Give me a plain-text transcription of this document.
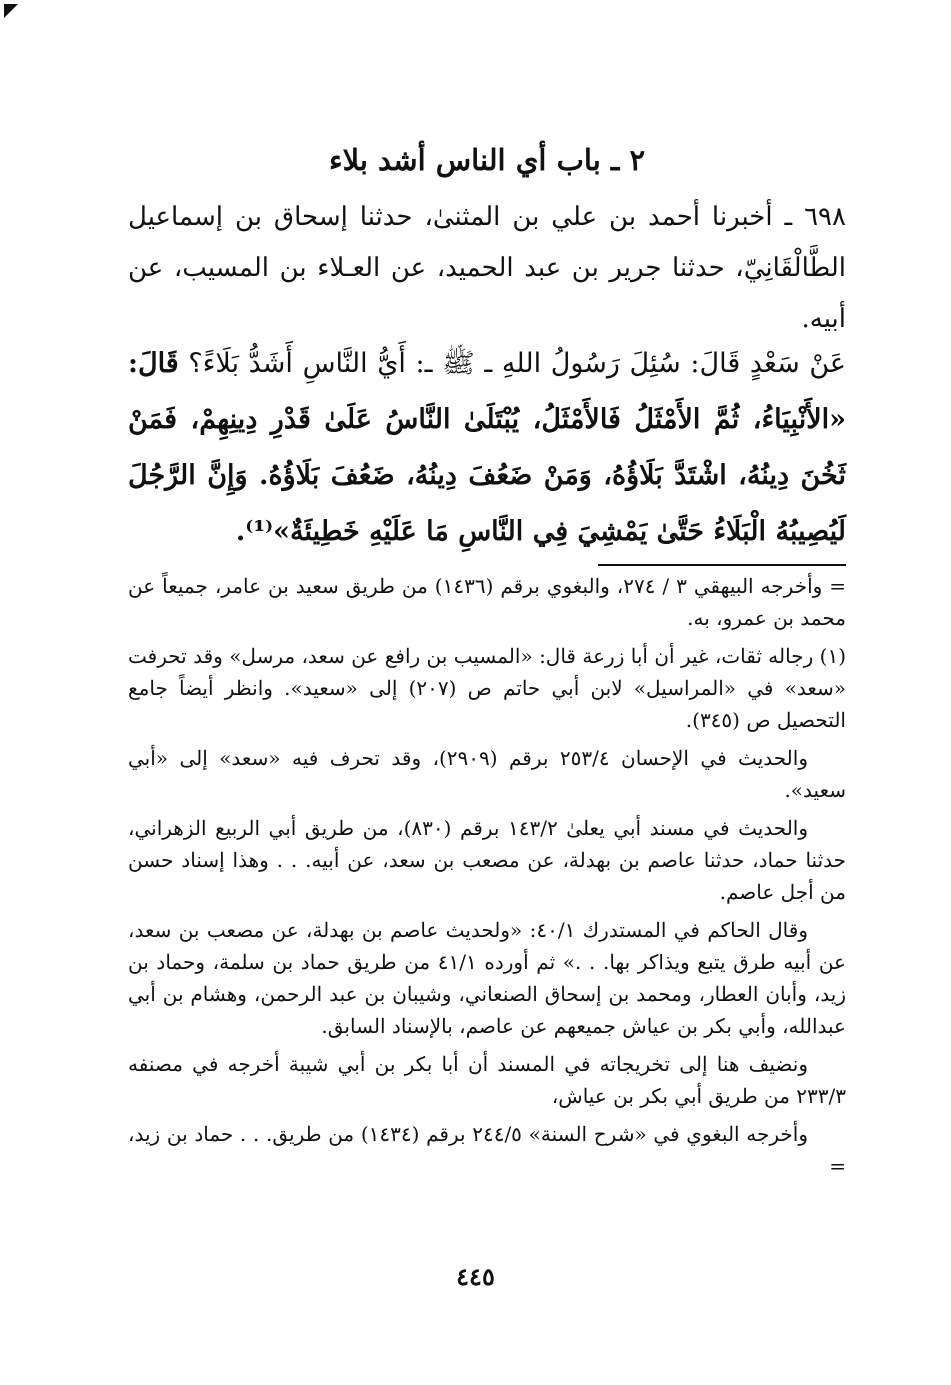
٢ ـ باب أي الناس أشد بلاء
٦٩٨ ـ أخبرنا أحمد بن علي بن المثنىٰ، حدثنا إسحاق بن إسماعيل الطَّالْقَانِيّ، حدثنا جرير بن عبد الحميد، عن العـلاء بن المسيب، عن أبيه.
عَنْ سَعْدٍ قَالَ: سُئِلَ رَسُولُ اللهِ ـ ﷺ ـ: أَيُّ النَّاسِ أَشَدُّ بَلَاءً؟ قَالَ: «الأَنْبِيَاءُ، ثُمَّ الأَمْثَلُ فَالأَمْثَلُ، يُبْتَلَىٰ النَّاسُ عَلَىٰ قَدْرِ دِينِهِمْ، فَمَنْ ثَخُنَ دِينُهُ، اشْتَدَّ بَلَاؤُهُ، وَمَنْ ضَعُفَ دِينُهُ، ضَعُفَ بَلَاؤُهُ. وَإِنَّ الرَّجُلَ لَيُصِيبُهُ الْبَلَاءُ حَتَّىٰ يَمْشِيَ فِي النَّاسِ مَا عَلَيْهِ خَطِيئَةٌ»⁽¹⁾.

= وأخرجه البيهقي ٣ / ٢٧٤، والبغوي برقم (١٤٣٦) من طريق سعيد بن عامر، جميعاً عن محمد بن عمرو، به.

(١) رجاله ثقات، غير أن أبا زرعة قال: «المسيب بن رافع عن سعد، مرسل» وقد تحرفت «سعد» في «المراسيل» لابن أبي حاتم ص (٢٠٧) إلى «سعيد». وانظر أيضاً جامع التحصيل ص (٣٤٥).

والحديث في الإحسان ٢٥٣/٤ برقم (٢٩٠٩)، وقد تحرف فيه «سعد» إلى «أبي سعيد».

والحديث في مسند أبي يعلىٰ ١٤٣/٢ برقم (٨٣٠)، من طريق أبي الربيع الزهراني، حدثنا حماد، حدثنا عاصم بن بهدلة، عن مصعب بن سعد، عن أبيه. . . وهذا إسناد حسن من أجل عاصم.

وقال الحاكم في المستدرك ٤٠/١: «ولحديث عاصم بن بهدلة، عن مصعب بن سعد، عن أبيه طرق يتبع ويذاكر بها. . .» ثم أورده ٤١/١ من طريق حماد بن سلمة، وحماد بن زيد، وأبان العطار، ومحمد بن إسحاق الصنعاني، وشيبان بن عبد الرحمن، وهشام بن أبي عبدالله، وأبي بكر بن عياش جميعهم عن عاصم، بالإسناد السابق.

ونضيف هنا إلى تخريجاته في المسند أن أبا بكر بن أبي شيبة أخرجه في مصنفه ٢٣٣/٣ من طريق أبي بكر بن عياش،

وأخرجه البغوي في «شرح السنة» ٢٤٤/٥ برقم (١٤٣٤) من طريق. . . حماد بن زيد، =

٤٤٥
